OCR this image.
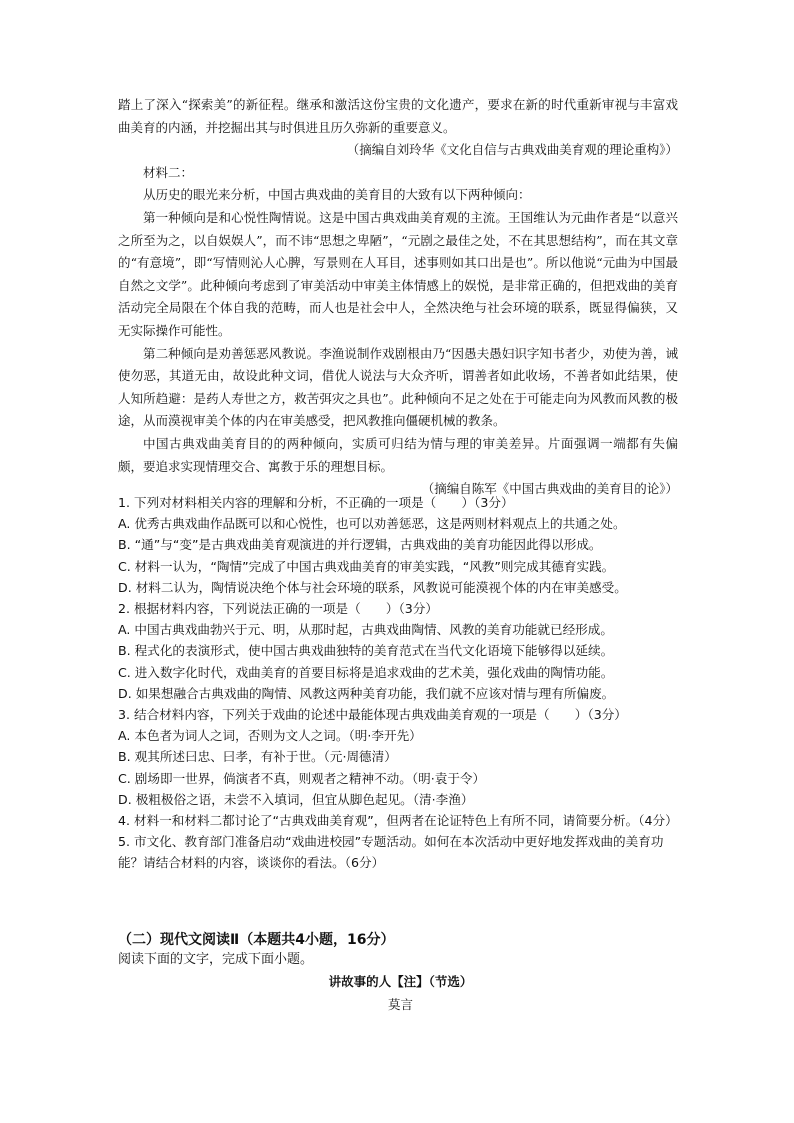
踏上了深入“探索美”的新征程。继承和激活这份宝贵的文化遗产，要求在新的时代重新审视与丰富戏曲美育的内涵，并挖掘出其与时俱进且历久弥新的重要意义。

（摘编自刘玲华《文化自信与古典戏曲美育观的理论重构》）

材料二：

从历史的眼光来分析，中国古典戏曲的美育目的大致有以下两种倾向：

第一种倾向是和心悦性陶情说。这是中国古典戏曲美育观的主流。王国维认为元曲作者是“以意兴之所至为之，以自娱娱人”，而不讳“思想之卑陋”，“元剧之最佳之处，不在其思想结构”，而在其文章的“有意境”，即“写情则沁人心脾，写景则在人耳目，述事则如其口出是也”。所以他说“元曲为中国最自然之文学”。此种倾向考虑到了审美活动中审美主体情感上的娱悦，是非常正确的，但把戏曲的美育活动完全局限在个体自我的范畴，而人也是社会中人，全然决绝与社会环境的联系，既显得偏狭，又无实际操作可能性。

第二种倾向是劝善惩恶风教说。李渔说制作戏剧根由乃“因愚夫愚妇识字知书者少，劝使为善，诫使勿恶，其道无由，故设此种文词，借优人说法与大众齐听，谓善者如此收场，不善者如此结果，使人知所趋避：是药人寿世之方，救苦弭灾之具也”。此种倾向不足之处在于可能走向为风教而风教的极途，从而漠视审美个体的内在审美感受，把风教推向僵硬机械的教条。

中国古典戏曲美育目的的两种倾向，实质可归结为情与理的审美差异。片面强调一端都有失偏颇，要追求实现情理交合、寓教于乐的理想目标。

（摘编自陈军《中国古典戏曲的美育目的论》）

1. 下列对材料相关内容的理解和分析，不正确的一项是（　　）（3分）

A. 优秀古典戏曲作品既可以和心悦性，也可以劝善惩恶，这是两则材料观点上的共通之处。

B. “通”与“变”是古典戏曲美育观演进的并行逻辑，古典戏曲的美育功能因此得以形成。

C. 材料一认为，“陶情”完成了中国古典戏曲美育的审美实践，“风教”则完成其德育实践。

D. 材料二认为，陶情说决绝个体与社会环境的联系，风教说可能漠视个体的内在审美感受。

2. 根据材料内容，下列说法正确的一项是（　　）（3分）

A. 中国古典戏曲勃兴于元、明，从那时起，古典戏曲陶情、风教的美育功能就已经形成。

B. 程式化的表演形式，使中国古典戏曲独特的美育范式在当代文化语境下能够得以延续。

C. 进入数字化时代，戏曲美育的首要目标将是追求戏曲的艺术美，强化戏曲的陶情功能。

D. 如果想融合古典戏曲的陶情、风教这两种美育功能，我们就不应该对情与理有所偏废。

3. 结合材料内容，下列关于戏曲的论述中最能体现古典戏曲美育观的一项是（　　）（3分）

A. 本色者为词人之词，否则为文人之词。（明·李开先）

B. 观其所述曰忠、曰孝，有补于世。（元·周德清）

C. 剧场即一世界，倘演者不真，则观者之精神不动。（明·袁于令）

D. 极粗极俗之语，未尝不入填词，但宜从脚色起见。（清·李渔）

4. 材料一和材料二都讨论了“古典戏曲美育观”，但两者在论证特色上有所不同，请简要分析。（4分）

5. 市文化、教育部门准备启动“戏曲进校园”专题活动。如何在本次活动中更好地发挥戏曲的美育功能？请结合材料的内容，谈谈你的看法。（6分）

（二）现代文阅读Ⅱ（本题共4小题，16分）

阅读下面的文字，完成下面小题。

讲故事的人【注】（节选）

莫言
